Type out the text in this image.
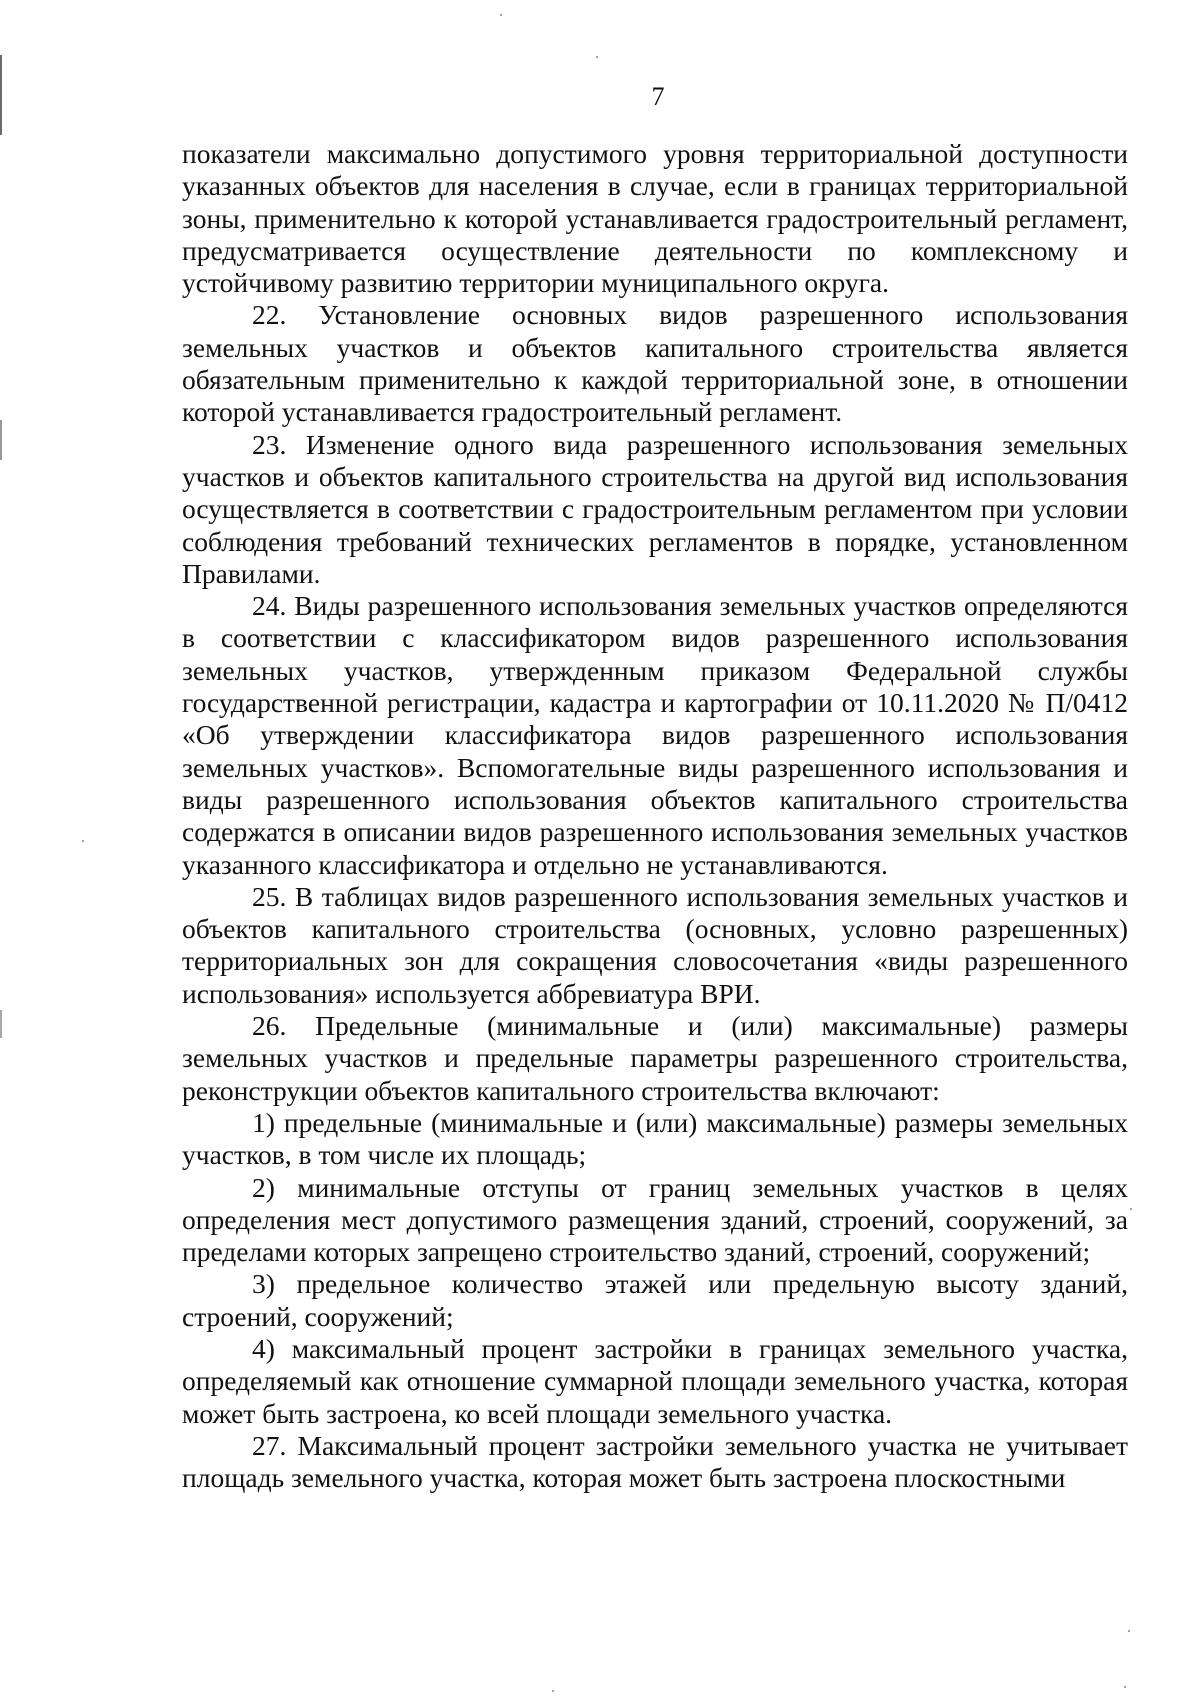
7

показатели максимально допустимого уровня территориальной доступности указанных объектов для населения в случае, если в границах территориальной зоны, применительно к которой устанавливается градостроительный регламент, предусматривается осуществление деятельности по комплексному и устойчивому развитию территории муниципального округа.

22. Установление основных видов разрешенного использования земельных участков и объектов капитального строительства является обязательным применительно к каждой территориальной зоне, в отношении которой устанавливается градостроительный регламент.

23. Изменение одного вида разрешенного использования земельных участков и объектов капитального строительства на другой вид использования осуществляется в соответствии с градостроительным регламентом при условии соблюдения требований технических регламентов в порядке, установленном Правилами.

24. Виды разрешенного использования земельных участков определяются в соответствии с классификатором видов разрешенного использования земельных участков, утвержденным приказом Федеральной службы государственной регистрации, кадастра и картографии от 10.11.2020 № П/0412 «Об утверждении классификатора видов разрешенного использования земельных участков». Вспомогательные виды разрешенного использования и виды разрешенного использования объектов капитального строительства содержатся в описании видов разрешенного использования земельных участков указанного классификатора и отдельно не устанавливаются.

25. В таблицах видов разрешенного использования земельных участков и объектов капитального строительства (основных, условно разрешенных) территориальных зон для сокращения словосочетания «виды разрешенного использования» используется аббревиатура ВРИ.

26. Предельные (минимальные и (или) максимальные) размеры земельных участков и предельные параметры разрешенного строительства, реконструкции объектов капитального строительства включают:

1) предельные (минимальные и (или) максимальные) размеры земельных участков, в том числе их площадь;

2) минимальные отступы от границ земельных участков в целях определения мест допустимого размещения зданий, строений, сооружений, за пределами которых запрещено строительство зданий, строений, сооружений;

3) предельное количество этажей или предельную высоту зданий, строений, сооружений;

4) максимальный процент застройки в границах земельного участка, определяемый как отношение суммарной площади земельного участка, которая может быть застроена, ко всей площади земельного участка.

27. Максимальный процент застройки земельного участка не учитывает площадь земельного участка, которая может быть застроена плоскостными
